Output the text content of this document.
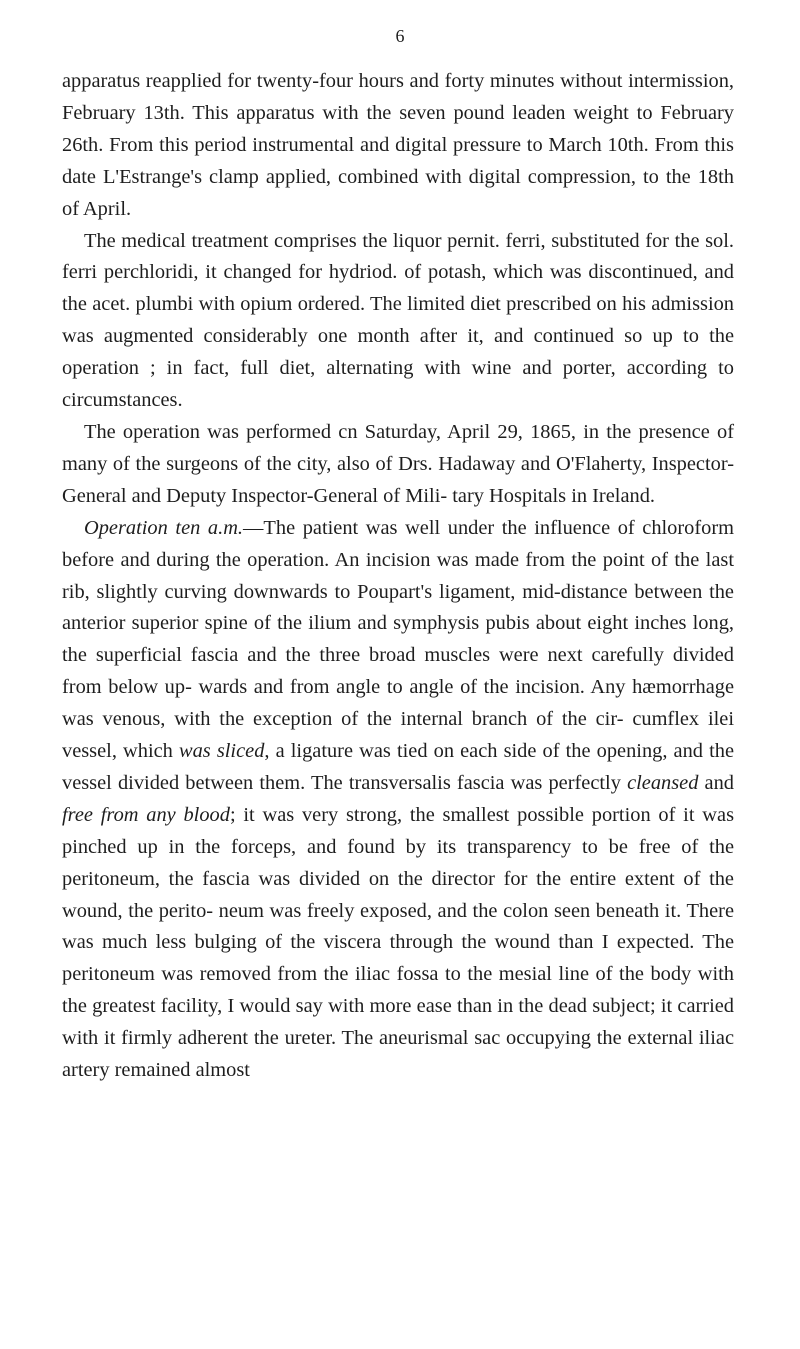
6

apparatus reapplied for twenty-four hours and forty minutes without intermission, February 13th. This apparatus with the seven pound leaden weight to February 26th. From this period instrumental and digital pressure to March 10th. From this date L'Estrange's clamp applied, combined with digital compression, to the 18th of April.

The medical treatment comprises the liquor pernit. ferri, substituted for the sol. ferri perchloridi, it changed for hydriod. of potash, which was discontinued, and the acet. plumbi with opium ordered. The limited diet prescribed on his admission was augmented considerably one month after it, and continued so up to the operation ; in fact, full diet, alternating with wine and porter, according to circumstances.

The operation was performed cn Saturday, April 29, 1865, in the presence of many of the surgeons of the city, also of Drs. Hadaway and O'Flaherty, Inspector-General and Deputy Inspector-General of Mili- tary Hospitals in Ireland.

Operation ten a.m.—The patient was well under the influence of chloroform before and during the operation. An incision was made from the point of the last rib, slightly curving downwards to Poupart's ligament, mid-distance between the anterior superior spine of the ilium and symphysis pubis about eight inches long, the superficial fascia and the three broad muscles were next carefully divided from below up- wards and from angle to angle of the incision. Any hæmorrhage was venous, with the exception of the internal branch of the cir- cumflex ilei vessel, which was sliced, a ligature was tied on each side of the opening, and the vessel divided between them. The transversalis fascia was perfectly cleansed and free from any blood; it was very strong, the smallest possible portion of it was pinched up in the forceps, and found by its transparency to be free of the peritoneum, the fascia was divided on the director for the entire extent of the wound, the perito- neum was freely exposed, and the colon seen beneath it. There was much less bulging of the viscera through the wound than I expected. The peritoneum was removed from the iliac fossa to the mesial line of the body with the greatest facility, I would say with more ease than in the dead subject; it carried with it firmly adherent the ureter. The aneurismal sac occupying the external iliac artery remained almost
